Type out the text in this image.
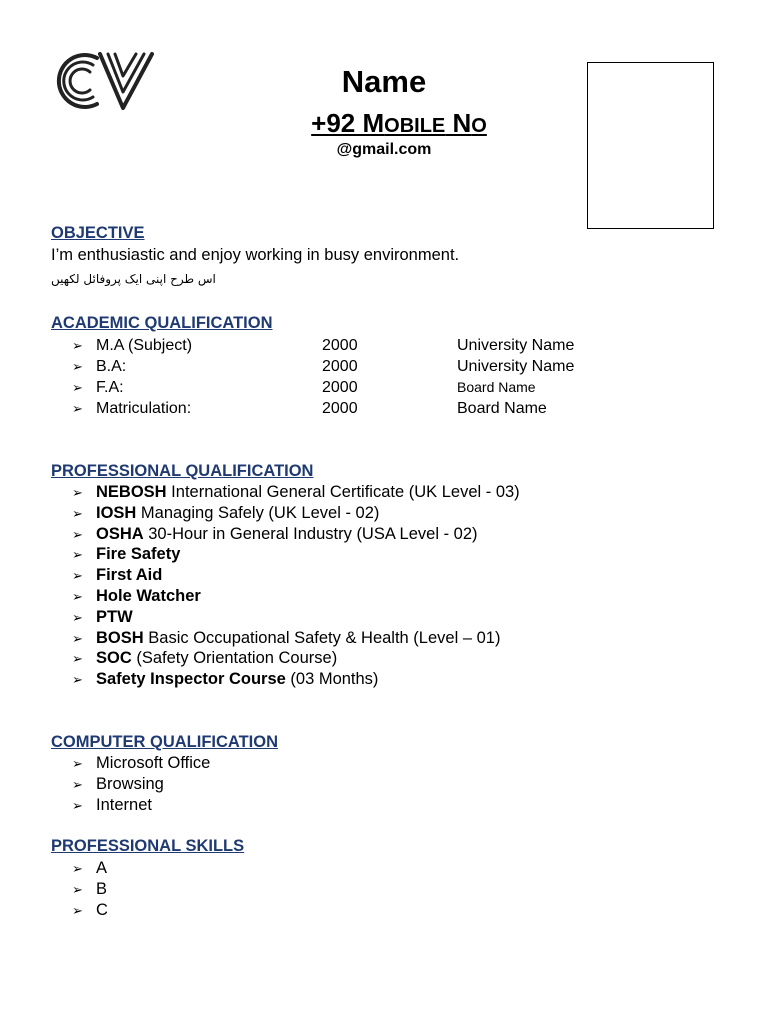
Name
+92 MOBILE NO
@gmail.com
OBJECTIVE
I’m enthusiastic and enjoy working in busy environment.
اس طرح اپنی ایک پروفائل لکھیں
ACADEMIC QUALIFICATION
➢ M.A (Subject)	2000	University Name
➢ B.A:	2000	University Name
➢ F.A:	2000	Board Name
➢ Matriculation:	2000	Board Name
PROFESSIONAL QUALIFICATION
➢ NEBOSH International General Certificate (UK Level - 03)
➢ IOSH Managing Safely (UK Level - 02)
➢ OSHA 30-Hour in General Industry (USA Level - 02)
➢ Fire Safety
➢ First Aid
➢ Hole Watcher
➢ PTW
➢ BOSH Basic Occupational Safety & Health (Level – 01)
➢ SOC (Safety Orientation Course)
➢ Safety Inspector Course (03 Months)
COMPUTER QUALIFICATION
➢ Microsoft Office
➢ Browsing
➢ Internet
PROFESSIONAL SKILLS
➢ A
➢ B
➢ C
